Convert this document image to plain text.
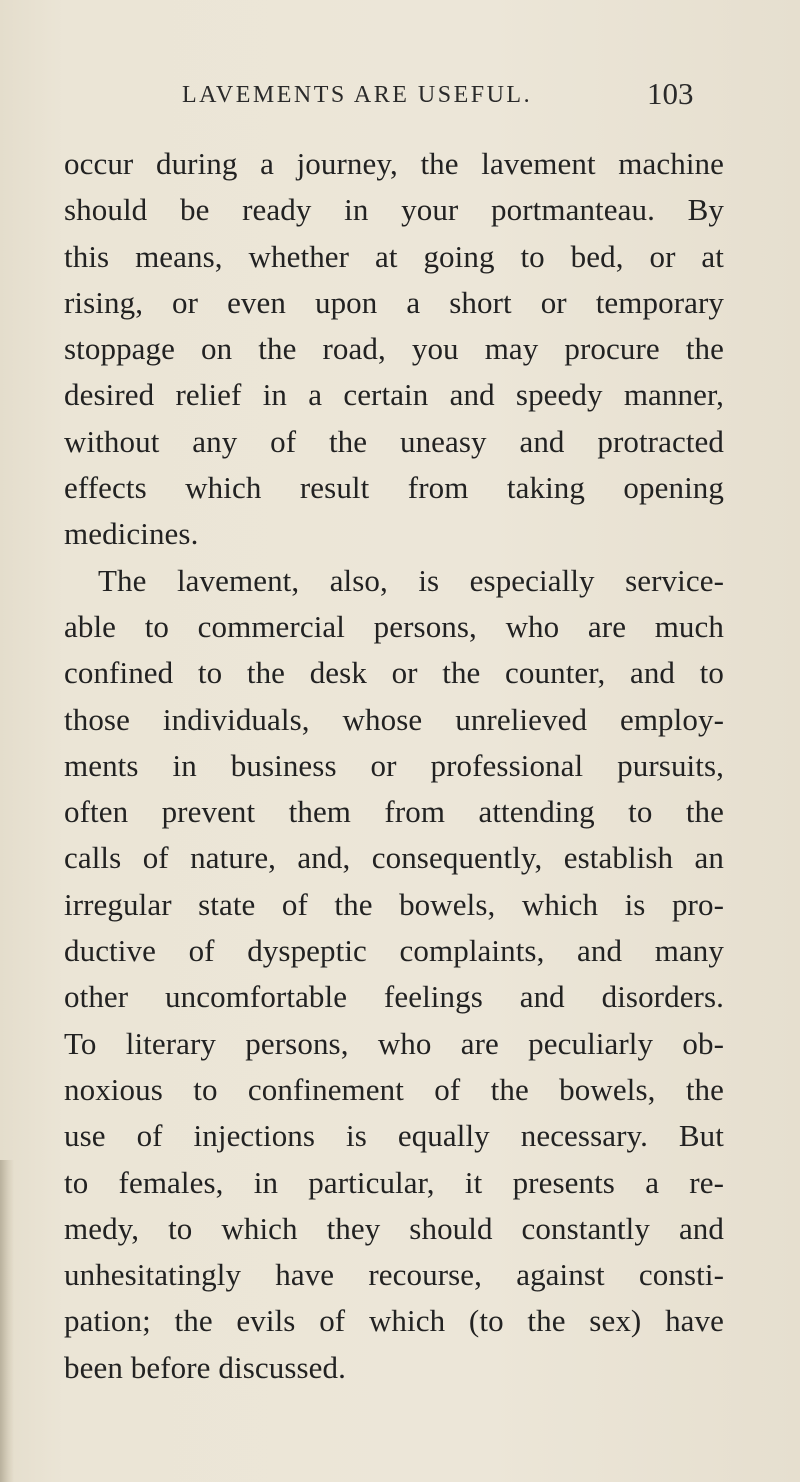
LAVEMENTS ARE USEFUL.	103
occur during a journey, the lavement machine
should be ready in your portmanteau. By
this means, whether at going to bed, or at
rising, or even upon a short or temporary
stoppage on the road, you may procure the
desired relief in a certain and speedy manner,
without any of the uneasy and protracted
effects which result from taking opening
medicines.
The lavement, also, is especially service-
able to commercial persons, who are much
confined to the desk or the counter, and to
those individuals, whose unrelieved employ-
ments in business or professional pursuits,
often prevent them from attending to the
calls of nature, and, consequently, establish an
irregular state of the bowels, which is pro-
ductive of dyspeptic complaints, and many
other uncomfortable feelings and disorders.
To literary persons, who are peculiarly ob-
noxious to confinement of the bowels, the
use of injections is equally necessary. But
to females, in particular, it presents a re-
medy, to which they should constantly and
unhesitatingly have recourse, against consti-
pation; the evils of which (to the sex) have
been before discussed.
